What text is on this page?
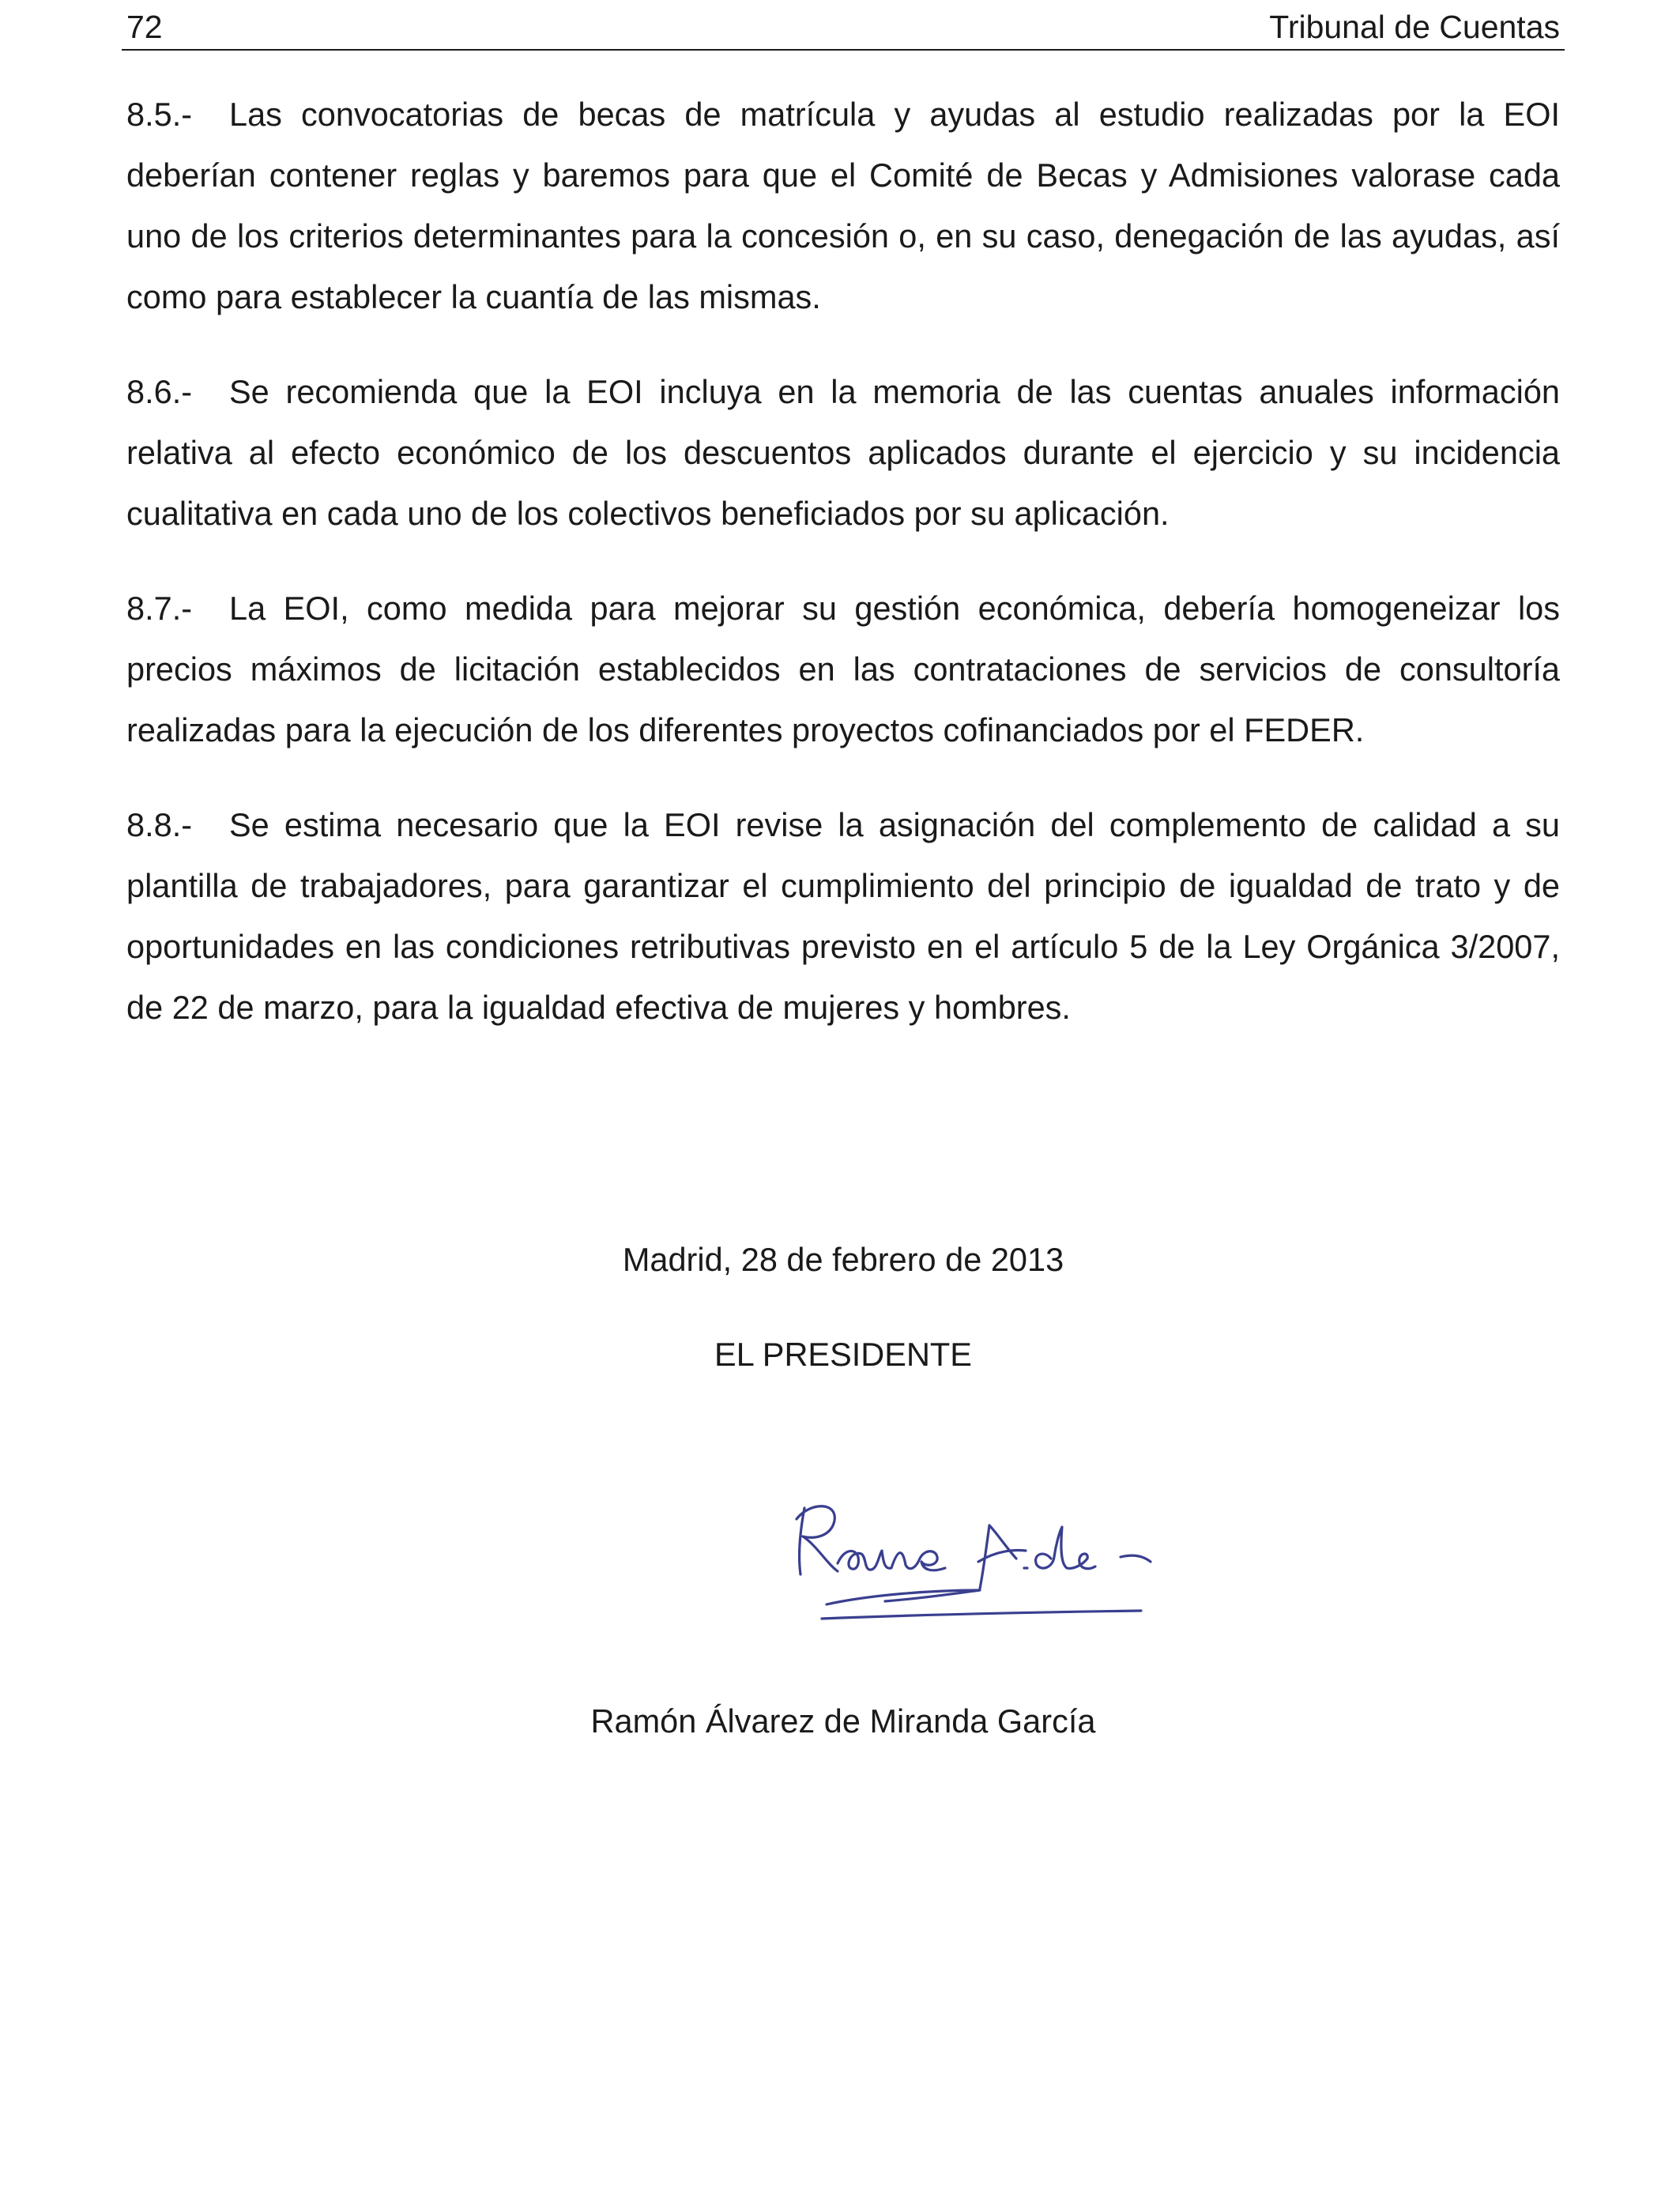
72	Tribunal de Cuentas

8.5.- Las convocatorias de becas de matrícula y ayudas al estudio realizadas por la EOI deberían contener reglas y baremos para que el Comité de Becas y Admisiones valorase cada uno de los criterios determinantes para la concesión o, en su caso, denegación de las ayudas, así como para establecer la cuantía de las mismas.

8.6.- Se recomienda que la EOI incluya en la memoria de las cuentas anuales información relativa al efecto económico de los descuentos aplicados durante el ejercicio y su incidencia cualitativa en cada uno de los colectivos beneficiados por su aplicación.

8.7.- La EOI, como medida para mejorar su gestión económica, debería homogeneizar los precios máximos de licitación establecidos en las contrataciones de servicios de consultoría realizadas para la ejecución de los diferentes proyectos cofinanciados por el FEDER.

8.8.- Se estima necesario que la EOI revise la asignación del complemento de calidad a su plantilla de trabajadores, para garantizar el cumplimiento del principio de igualdad de trato y de oportunidades en las condiciones retributivas previsto en el artículo 5 de la Ley Orgánica 3/2007, de 22 de marzo, para la igualdad efectiva de mujeres y hombres.

Madrid, 28 de febrero de 2013
EL PRESIDENTE
Ramón Álvarez de Miranda García
